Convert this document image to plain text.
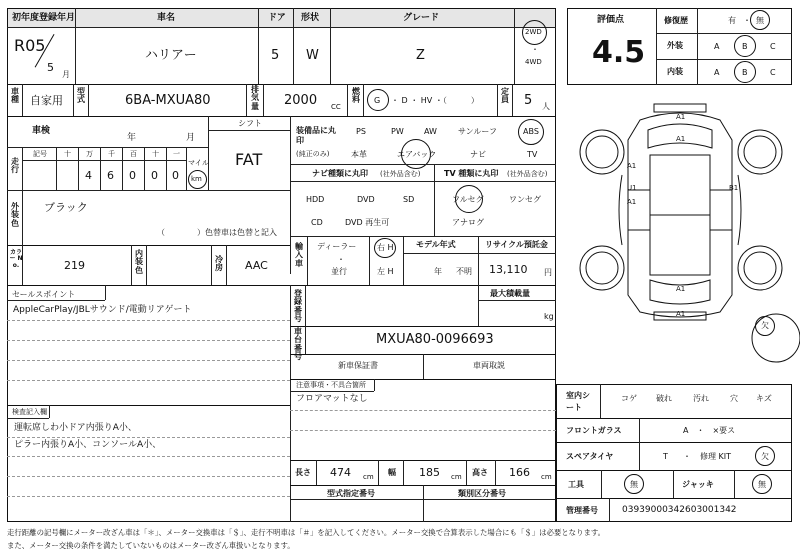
初年度登録年月	車名	ドア 形状	グレード
R05
5
月
ハリアー	5 W	Z
2WD
・
4WD
車種 自家用
型式	6BA-MXUA80
排気量 2000 CC
燃料 G ・ D ・ HV ・（　　　）
定員 5 人
車検
年	月
走行
記号 十 万 千 百 十 一
4 6 0 0 0
マイル
km
シフト
FAT
装備品に丸印
(純正のみ)
PS	PW	AW	サンルーフ	ABS
本革	エアバック	ナビ	TV
ナビ種類に丸印 (社外品含む)	TV 種類に丸印 (社外品含む)
HDD	DVD	SD
CD	DVD 再生可
フルセグ	ワンセグ
アナログ
外装色
ブラック
（　　　　）色替車は色替と記入
カラー No.	219
内装色
冷房 AAC
輸入車
ディーラー
・
並行
右 H
左 H
モデル年式
年 不明
リサイクル預託金
13,110 円
セールスポイント
AppleCarPlay/JBLサウンド/電動リアゲート
登録番号
最大積載量
kg
車台番号
MXUA80-0096693
新車保証書	車両取説
注意事項・不具合箇所
フロアマットなし
検査記入欄
運転席しわ小ドア内張りA小、
ピラー内張りA小、コンソールA小、
長さ 474 cm 幅 185 cm 高さ 166 cm
型式指定番号	類別区分番号
評価点
4.5
修復歴	有 ・ 無
外装	A	B	C
内装	A	B	C
A1
A1
A1
U1
A1
B1
A1
A1
欠
室内シート
コゲ 破れ	汚れ	穴 キズ
フロントガラス	A　・　×要ス
スペアタイヤ	T ・ 修理 KIT	欠
工具	無	ジャッキ	無
管理番号	03939000342603001342
走行距離の記号欄にメーター改ざん車は「＊」、メーター交換車は「＄」、走行不明車は「＃」を記入してください。メーター交換で合算表示した場合にも「＄」は必要となります。
また、メーター交換の条件を満たしていないものはメーター改ざん車扱いとなります。
